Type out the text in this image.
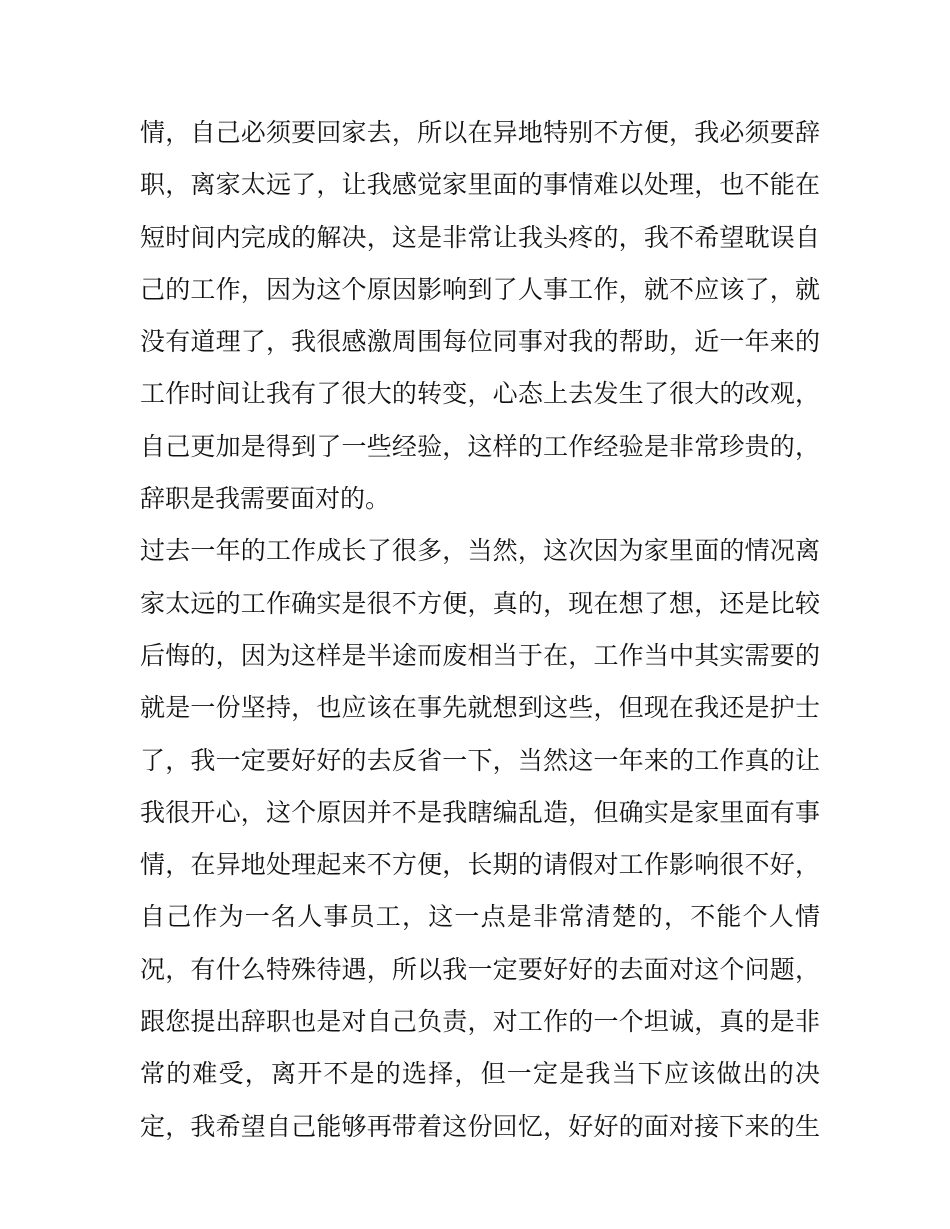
情，自己必须要回家去，所以在异地特别不方便，我必须要辞
职，离家太远了，让我感觉家里面的事情难以处理，也不能在
短时间内完成的解决，这是非常让我头疼的，我不希望耽误自
己的工作，因为这个原因影响到了人事工作，就不应该了，就
没有道理了，我很感激周围每位同事对我的帮助，近一年来的
工作时间让我有了很大的转变，心态上去发生了很大的改观，
自己更加是得到了一些经验，这样的工作经验是非常珍贵的，
辞职是我需要面对的。
过去一年的工作成长了很多，当然，这次因为家里面的情况离
家太远的工作确实是很不方便，真的，现在想了想，还是比较
后悔的，因为这样是半途而废相当于在，工作当中其实需要的
就是一份坚持，也应该在事先就想到这些，但现在我还是护士
了，我一定要好好的去反省一下，当然这一年来的工作真的让
我很开心，这个原因并不是我瞎编乱造，但确实是家里面有事
情，在异地处理起来不方便，长期的请假对工作影响很不好，
自己作为一名人事员工，这一点是非常清楚的，不能个人情
况，有什么特殊待遇，所以我一定要好好的去面对这个问题，
跟您提出辞职也是对自己负责，对工作的一个坦诚，真的是非
常的难受，离开不是的选择，但一定是我当下应该做出的决
定，我希望自己能够再带着这份回忆，好好的面对接下来的生
